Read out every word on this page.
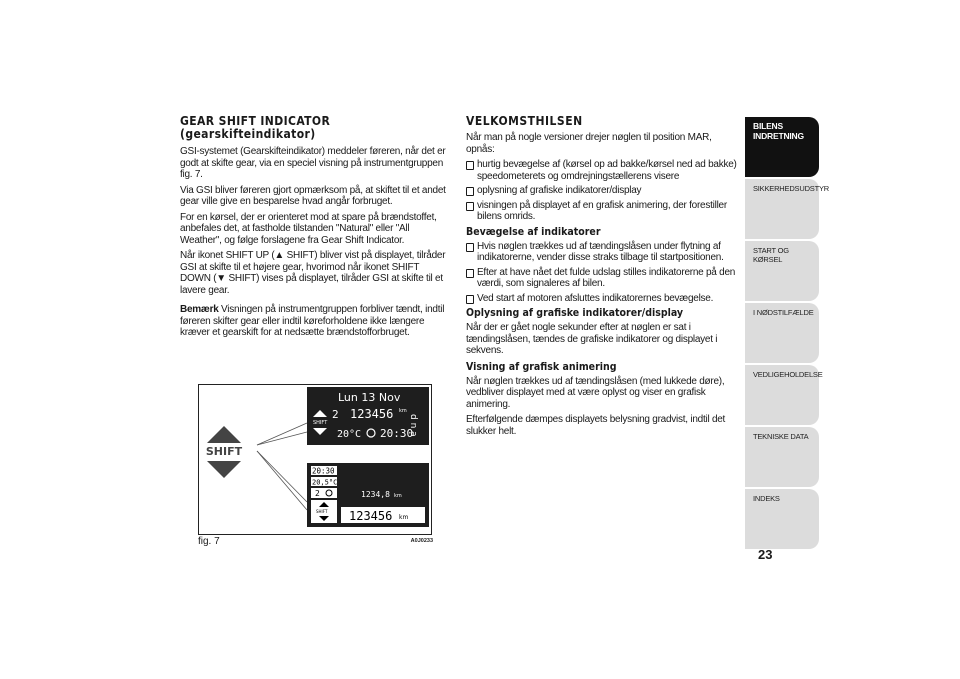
GEAR SHIFT INDICATOR
(gearskifteindikator)

GSI-systemet (Gearskifteindikator) meddeler føreren, når det er godt at skifte gear, via en speciel visning på instrumentgruppen fig. 7.

Via GSI bliver føreren gjort opmærksom på, at skiftet til et andet gear ville give en besparelse hvad angår forbruget.

For en kørsel, der er orienteret mod at spare på brændstoffet, anbefales det, at fastholde tilstanden "Natural" eller "All Weather", og følge forslagene fra Gear Shift Indicator.

Når ikonet SHIFT UP (▲ SHIFT) bliver vist på displayet, tilråder GSI at skifte til et højere gear, hvorimod når ikonet SHIFT DOWN (▼ SHIFT) vises på displayet, tilråder GSI at skifte til et lavere gear.

Bemærk Visningen på instrumentgruppen forbliver tændt, indtil føreren skifter gear eller indtil køreforholdene ikke længere kræver et gearskift for at nedsætte brændstofforbruget.

SHIFT
Lun 13 Nov
SHIFT
2 123456 km
20°C 20:30
d n a
20:30
20,5°C
2
SHIFT
1234,8 km
123456 km
fig. 7	A0J0233
VELKOMSTHILSEN

Når man på nogle versioner drejer nøglen til position MAR, opnås:

hurtig bevægelse af (kørsel op ad bakke/kørsel ned ad bakke) speedometerets og omdrejningstællerens visere
oplysning af grafiske indikatorer/display
visningen på displayet af en grafisk animering, der forestiller bilens omrids.
Bevægelse af indikatorer
Hvis nøglen trækkes ud af tændingslåsen under flytning af indikatorerne, vender disse straks tilbage til startpositionen.
Efter at have nået det fulde udslag stilles indikatorerne på den værdi, som signaleres af bilen.
Ved start af motoren afsluttes indikatorernes bevægelse.
Oplysning af grafiske indikatorer/display

Når der er gået nogle sekunder efter at nøglen er sat i tændingslåsen, tændes de grafiske indikatorer og displayet i sekvens.

Visning af grafisk animering

Når nøglen trækkes ud af tændingslåsen (med lukkede døre), vedbliver displayet med at være oplyst og viser en grafisk animering.

Efterfølgende dæmpes displayets belysning gradvist, indtil det slukker helt.

BILENS INDRETNING
SIKKERHEDSUDSTYR
START OG KØRSEL
I NØDSTILFÆLDE
VEDLIGEHOLDELSE
TEKNISKE DATA
INDEKS
23
